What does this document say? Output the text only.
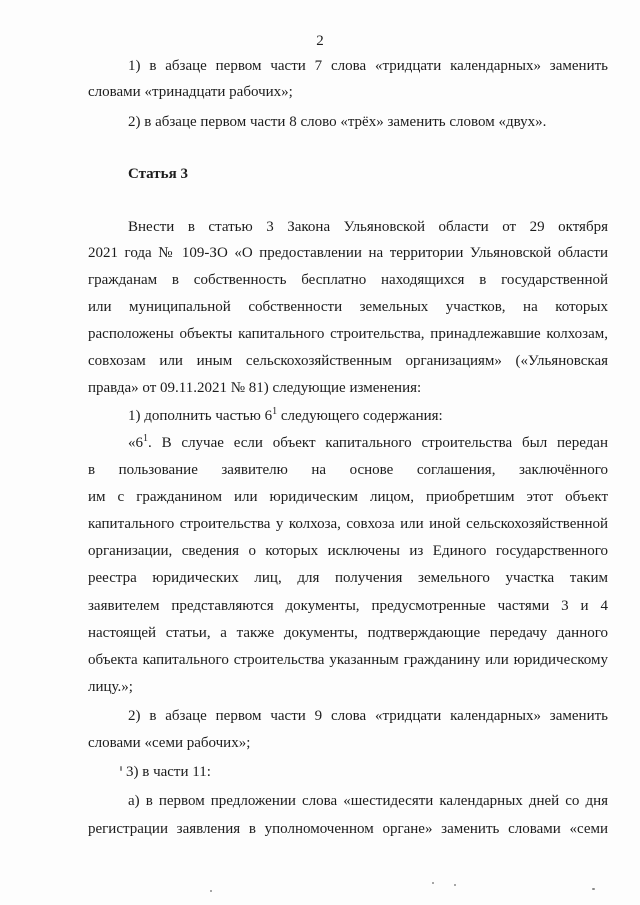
2
1) в абзаце первом части 7 слова «тридцати календарных» заменить
словами «тринадцати рабочих»;
2) в абзаце первом части 8 слово «трёх» заменить словом «двух».
Статья 3
Внести в статью 3 Закона Ульяновской области от 29 октября
2021 года № 109-ЗО «О предоставлении на территории Ульяновской области
гражданам в собственность бесплатно находящихся в государственной
или муниципальной собственности земельных участков, на которых
расположены объекты капитального строительства, принадлежавшие колхозам,
совхозам или иным сельскохозяйственным организациям» («Ульяновская
правда» от 09.11.2021 № 81) следующие изменения:
1) дополнить частью $6^1$ следующего содержания:
«$6^1$. В случае если объект капитального строительства был передан
в пользование заявителю на основе соглашения, заключённого
им с гражданином или юридическим лицом, приобретшим этот объект
капитального строительства у колхоза, совхоза или иной сельскохозяйственной
организации, сведения о которых исключены из Единого государственного
реестра юридических лиц, для получения земельного участка таким
заявителем представляются документы, предусмотренные частями 3 и 4
настоящей статьи, а также документы, подтверждающие передачу данного
объекта капитального строительства указанным гражданину или юридическому
лицу.»;
2) в абзаце первом части 9 слова «тридцати календарных» заменить
словами «семи рабочих»;
3) в части 11:
а) в первом предложении слова «шестидесяти календарных дней со дня
регистрации заявления в уполномоченном органе» заменить словами «семи
